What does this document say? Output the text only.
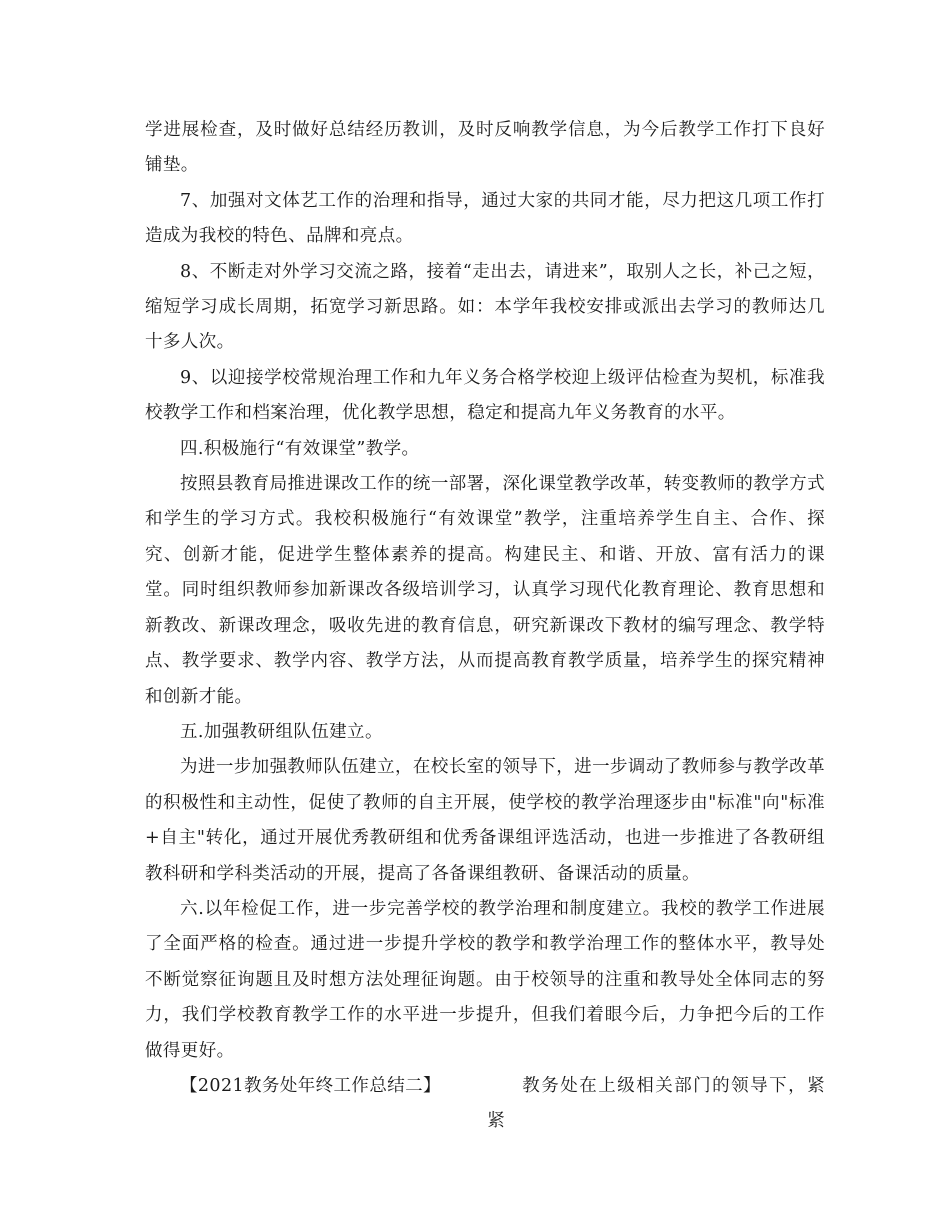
学进展检查，及时做好总结经历教训，及时反响教学信息，为今后教学工作打下良好铺垫。

7、加强对文体艺工作的治理和指导，通过大家的共同才能，尽力把这几项工作打造成为我校的特色、品牌和亮点。

8、不断走对外学习交流之路，接着“走出去，请进来”，取别人之长，补己之短，缩短学习成长周期，拓宽学习新思路。如：本学年我校安排或派出去学习的教师达几十多人次。

9、以迎接学校常规治理工作和九年义务合格学校迎上级评估检查为契机，标准我校教学工作和档案治理，优化教学思想，稳定和提高九年义务教育的水平。

四.积极施行“有效课堂”教学。

按照县教育局推进课改工作的统一部署，深化课堂教学改革，转变教师的教学方式和学生的学习方式。我校积极施行“有效课堂”教学，注重培养学生自主、合作、探究、创新才能，促进学生整体素养的提高。构建民主、和谐、开放、富有活力的课堂。同时组织教师参加新课改各级培训学习，认真学习现代化教育理论、教育思想和新教改、新课改理念，吸收先进的教育信息，研究新课改下教材的编写理念、教学特点、教学要求、教学内容、教学方法，从而提高教育教学质量，培养学生的探究精神和创新才能。

五.加强教研组队伍建立。

为进一步加强教师队伍建立，在校长室的领导下，进一步调动了教师参与教学改革的积极性和主动性，促使了教师的自主开展，使学校的教学治理逐步由"标准"向"标准+自主"转化，通过开展优秀教研组和优秀备课组评选活动，也进一步推进了各教研组教科研和学科类活动的开展，提高了各备课组教研、备课活动的质量。

六.以年检促工作，进一步完善学校的教学治理和制度建立。我校的教学工作进展了全面严格的检查。通过进一步提升学校的教学和教学治理工作的整体水平，教导处不断觉察征询题且及时想方法处理征询题。由于校领导的注重和教导处全体同志的努力，我们学校教育教学工作的水平进一步提升，但我们着眼今后，力争把今后的工作做得更好。

【2021教务处年终工作总结二】	教务处在上级相关部门的领导下，紧紧
